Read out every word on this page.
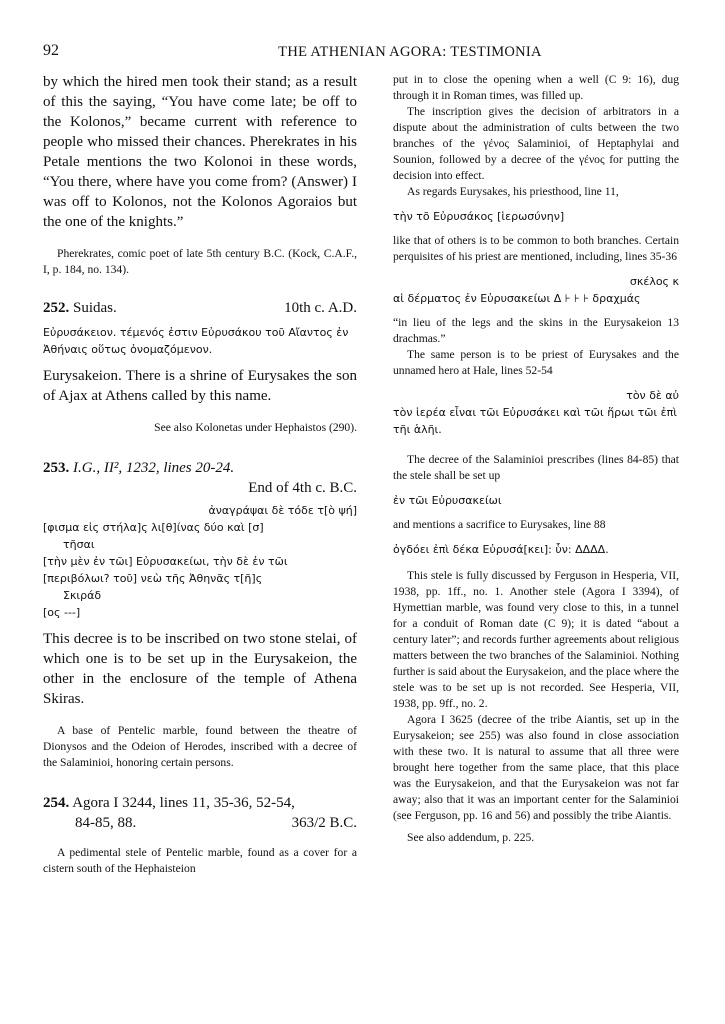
92	THE ATHENIAN AGORA: TESTIMONIA

by which the hired men took their stand; as a result of this the saying, “You have come late; be off to the Kolonos,” became current with reference to people who missed their chances. Pherekrates in his Petale mentions the two Kolonoi in these words, “You there, where have you come from? (Answer) I was off to Kolonos, not the Kolonos Agoraios but the one of the knights.”

Pherekrates, comic poet of late 5th century B.C. (Kock, C.A.F., I, p. 184, no. 134).

252. Suidas.	10th c. A.D.

Εὐρυσάκειον. τέμενός ἐστιν Εὐρυσάκου τοῦ Αἴαντος ἐν Ἀθήναις οὕτως ὀνομαζόμενον.

Eurysakeion. There is a shrine of Eurysakes the son of Ajax at Athens called by this name.

See also Kolonetas under Hephaistos (290).

253. I.G., II², 1232, lines 20-24.

End of 4th c. B.C.

ἀναγράψαι δὲ τόδε τ[ὸ ψή]

[φισμα εἰς στήλα]ς λι[θ]ίνας δύο καὶ [σ]

τῆσαι

[τὴν μὲν ἐν τῶι] Εὐρυσακείωι, τὴν δὲ ἐν τῶι

[περιβόλωι? τοῦ] νεὼ τῆς Ἀθηνᾶς τ[ῆ]ς

Σκιράδ

[ος ---]

This decree is to be inscribed on two stone stelai, of which one is to be set up in the Eurysakeion, the other in the enclosure of the temple of Athena Skiras.

A base of Pentelic marble, found between the theatre of Dionysos and the Odeion of Herodes, inscribed with a decree of the Salaminioi, honoring certain persons.

254. Agora I 3244, lines 11, 35-36, 52-54,
84-85, 88.	363/2 B.C.

A pedimental stele of Pentelic marble, found as a cover for a cistern south of the Hephaisteion

put in to close the opening when a well (C 9: 16), dug through it in Roman times, was filled up.

The inscription gives the decision of arbitrators in a dispute about the administration of cults between the two branches of the γένος Salaminioi, of Heptaphylai and Sounion, followed by a decree of the γένος for putting the decision into effect.

As regards Eurysakes, his priesthood, line 11,

τὴν τõ Εὐρυσάκος [ἱερωσύνην]

like that of others is to be common to both branches. Certain perquisites of his priest are mentioned, including, lines 35-36

σκέλος κ

αἱ δέρματος ἐν Εὐρυσακείωι Δ ⊦ ⊦ ⊦ δραχμάς

“in lieu of the legs and the skins in the Eurysakeion 13 drachmas.”

The same person is to be priest of Eurysakes and the unnamed hero at Hale, lines 52-54

τὸν δὲ αὐ

τὸν ἱερέα εἶναι τῶι Εὐρυσάκει καὶ τῶι ἥρωι τῶι ἐπὶ τῆι ἁλῆι.

The decree of the Salaminioi prescribes (lines 84-85) that the stele shall be set up

ἐν τῶι Εὐρυσακείωι

and mentions a sacrifice to Eurysakes, line 88

ὀγδόει ἐπὶ δέκα Εὐρυσά[κει]: ὗν: ΔΔΔΔ.

This stele is fully discussed by Ferguson in Hesperia, VII, 1938, pp. 1ff., no. 1. Another stele (Agora I 3394), of Hymettian marble, was found very close to this, in a tunnel for a conduit of Roman date (C 9); it is dated “about a century later”; and records further agreements about religious matters between the two branches of the Salaminioi. Nothing further is said about the Eurysakeion, and the place where the stele was to be set up is not recorded. See Hesperia, VII, 1938, pp. 9ff., no. 2.

Agora I 3625 (decree of the tribe Aiantis, set up in the Eurysakeion; see 255) was also found in close association with these two. It is natural to assume that all three were brought here together from the same place, that this place was the Eurysakeion, and that the Eurysakeion was not far away; also that it was an important center for the Salaminioi (see Ferguson, pp. 16 and 56) and possibly the tribe Aiantis.

See also addendum, p. 225.
